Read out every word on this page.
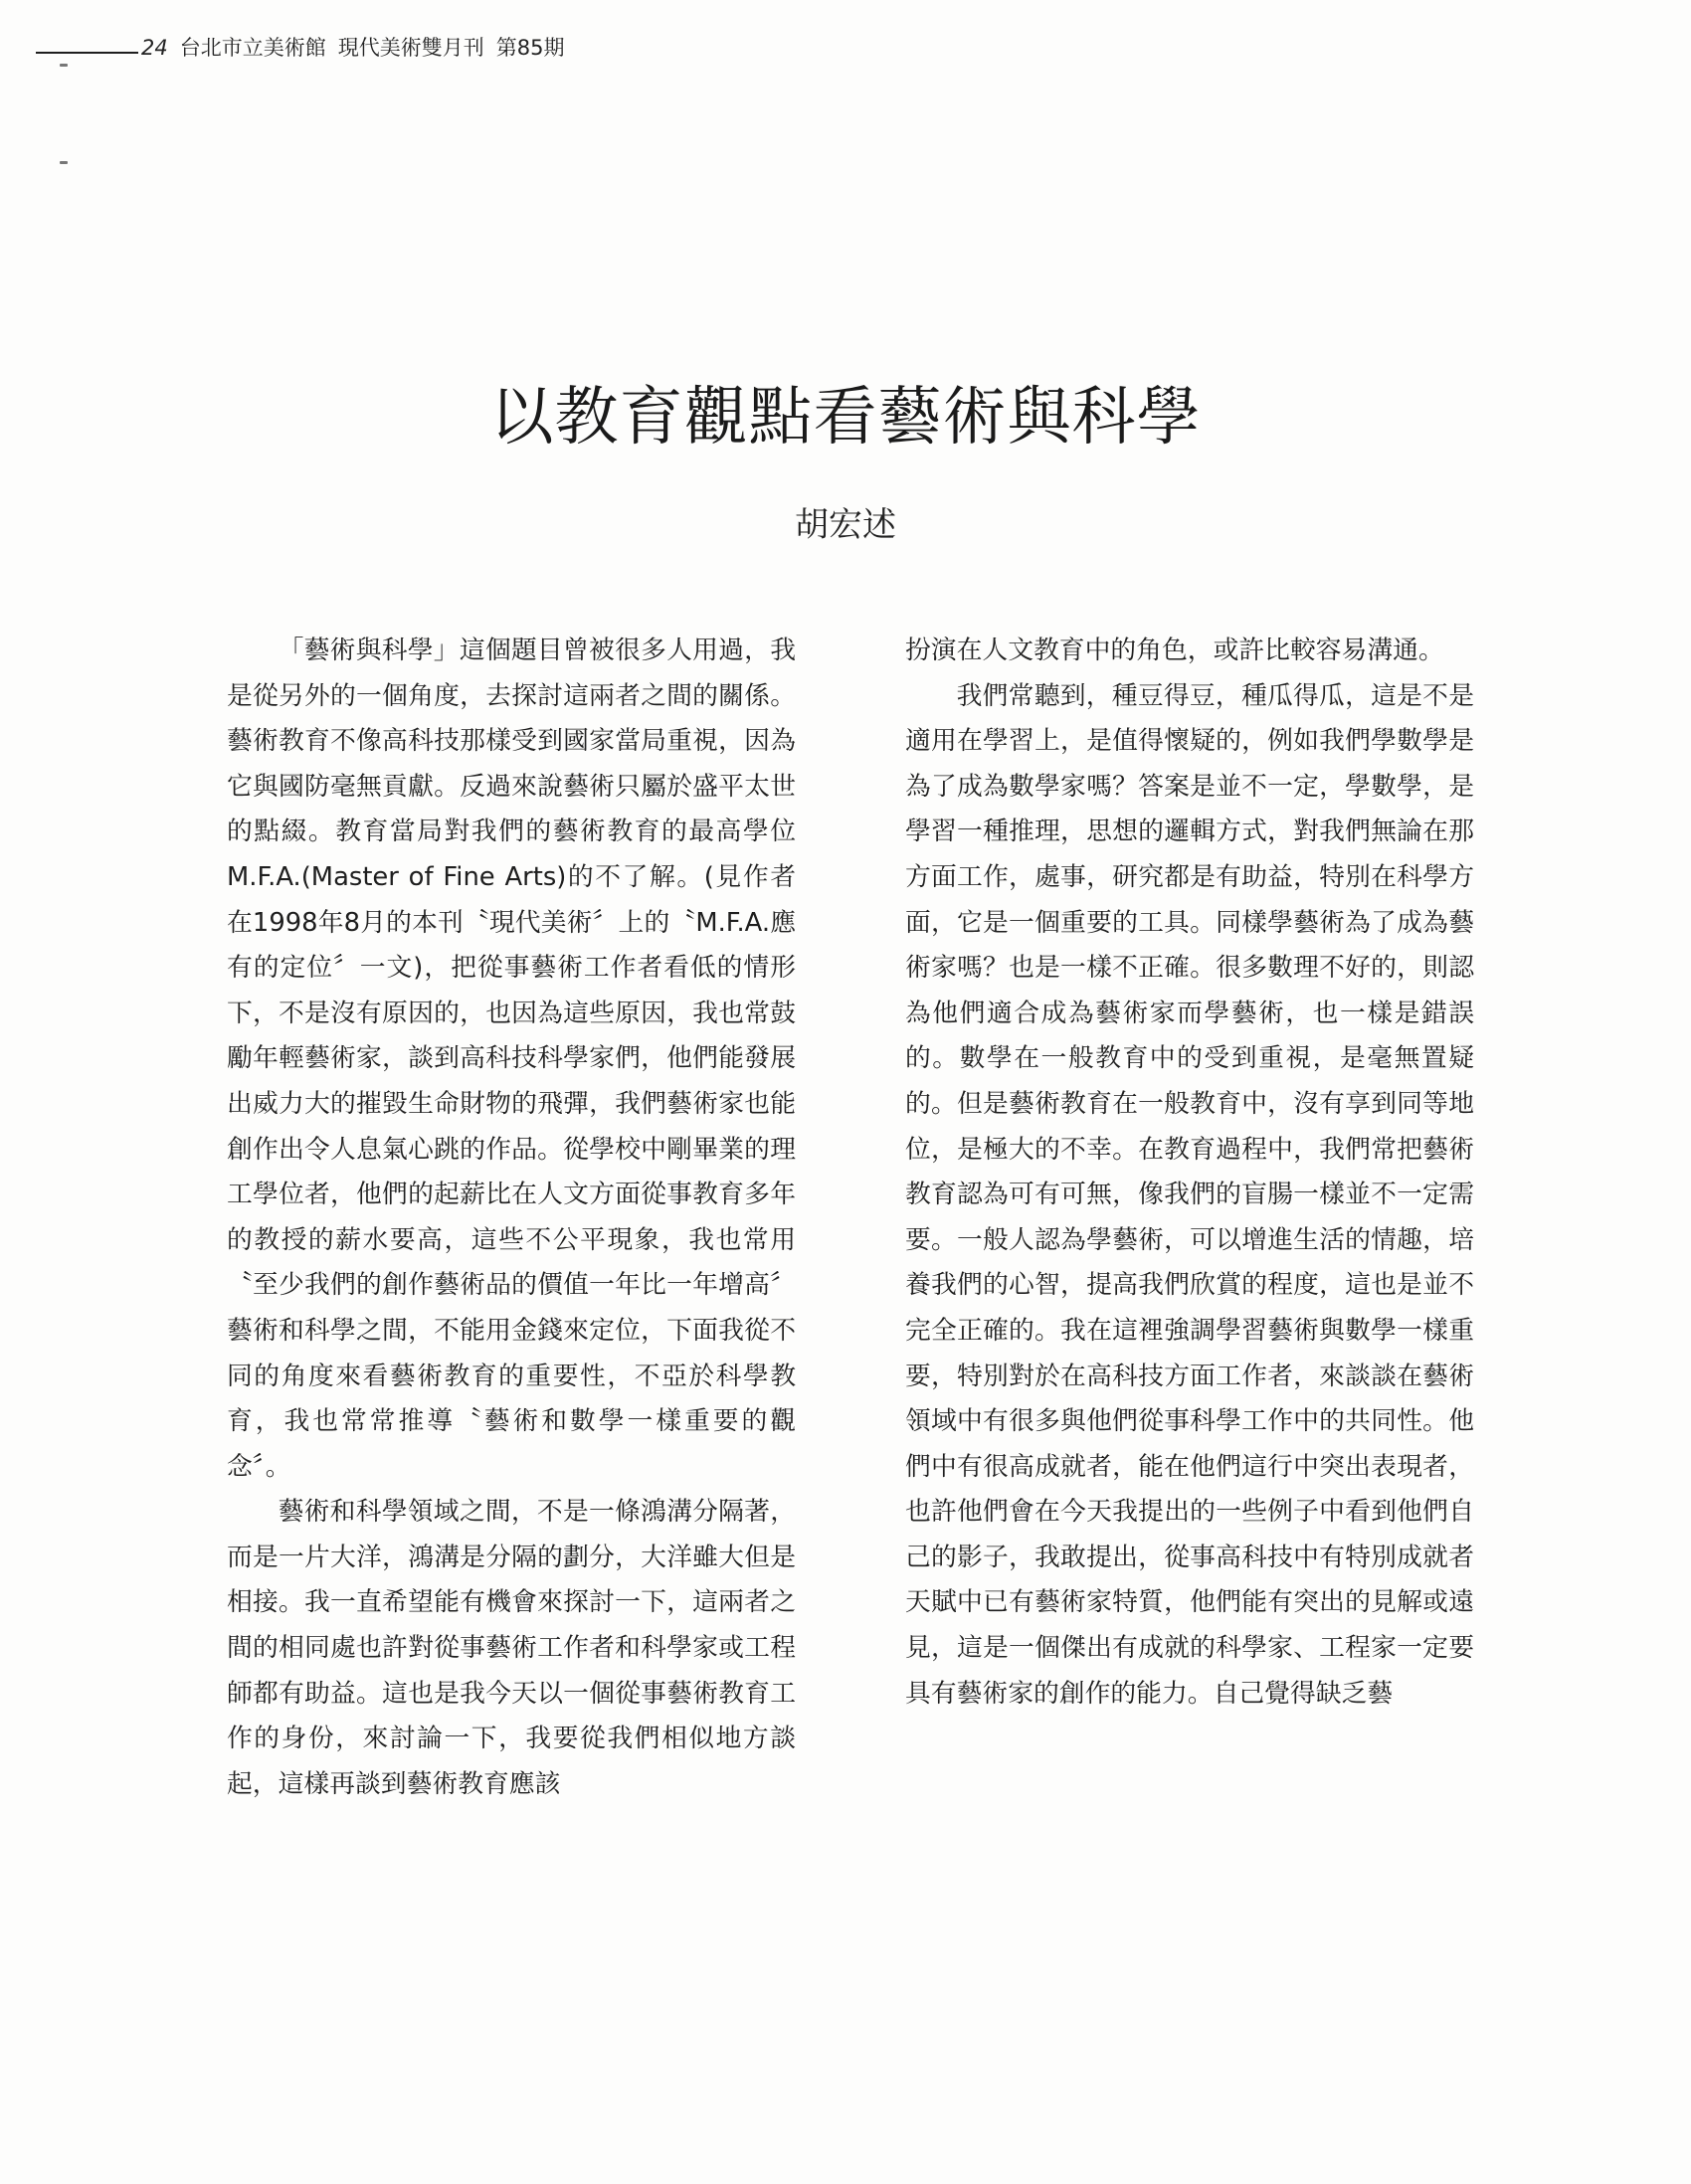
24 台北市立美術館 現代美術雙月刊 第85期
以教育觀點看藝術與科學
胡宏述

「藝術與科學」這個題目曾被很多人用過，我是從另外的一個角度，去探討這兩者之間的關係。藝術教育不像高科技那樣受到國家當局重視，因為它與國防毫無貢獻。反過來說藝術只屬於盛平太世的點綴。教育當局對我們的藝術教育的最高學位M.F.A.(Master of Fine Arts)的不了解。(見作者在1998年8月的本刊〝現代美術〞上的〝M.F.A.應有的定位〞一文)，把從事藝術工作者看低的情形下，不是沒有原因的，也因為這些原因，我也常鼓勵年輕藝術家，談到高科技科學家們，他們能發展出威力大的摧毀生命財物的飛彈，我們藝術家也能創作出令人息氣心跳的作品。從學校中剛畢業的理工學位者，他們的起薪比在人文方面從事教育多年的教授的薪水要高，這些不公平現象，我也常用〝至少我們的創作藝術品的價值一年比一年增高〞藝術和科學之間，不能用金錢來定位，下面我從不同的角度來看藝術教育的重要性，不亞於科學教育，我也常常推導〝藝術和數學一樣重要的觀念〞。

藝術和科學領域之間，不是一條鴻溝分隔著，而是一片大洋，鴻溝是分隔的劃分，大洋雖大但是相接。我一直希望能有機會來探討一下，這兩者之間的相同處也許對從事藝術工作者和科學家或工程師都有助益。這也是我今天以一個從事藝術教育工作的身份，來討論一下，我要從我們相似地方談起，這樣再談到藝術教育應該

扮演在人文教育中的角色，或許比較容易溝通。

我們常聽到，種豆得豆，種瓜得瓜，這是不是適用在學習上，是值得懷疑的，例如我們學數學是為了成為數學家嗎？答案是並不一定，學數學，是學習一種推理，思想的邏輯方式，對我們無論在那方面工作，處事，研究都是有助益，特別在科學方面，它是一個重要的工具。同樣學藝術為了成為藝術家嗎？也是一樣不正確。很多數理不好的，則認為他們適合成為藝術家而學藝術，也一樣是錯誤的。數學在一般教育中的受到重視，是毫無置疑的。但是藝術教育在一般教育中，沒有享到同等地位，是極大的不幸。在教育過程中，我們常把藝術教育認為可有可無，像我們的盲腸一樣並不一定需要。一般人認為學藝術，可以增進生活的情趣，培養我們的心智，提高我們欣賞的程度，這也是並不完全正確的。我在這裡強調學習藝術與數學一樣重要，特別對於在高科技方面工作者，來談談在藝術領域中有很多與他們從事科學工作中的共同性。他們中有很高成就者，能在他們這行中突出表現者，也許他們會在今天我提出的一些例子中看到他們自己的影子，我敢提出，從事高科技中有特別成就者天賦中已有藝術家特質，他們能有突出的見解或遠見，這是一個傑出有成就的科學家、工程家一定要具有藝術家的創作的能力。自己覺得缺乏藝
